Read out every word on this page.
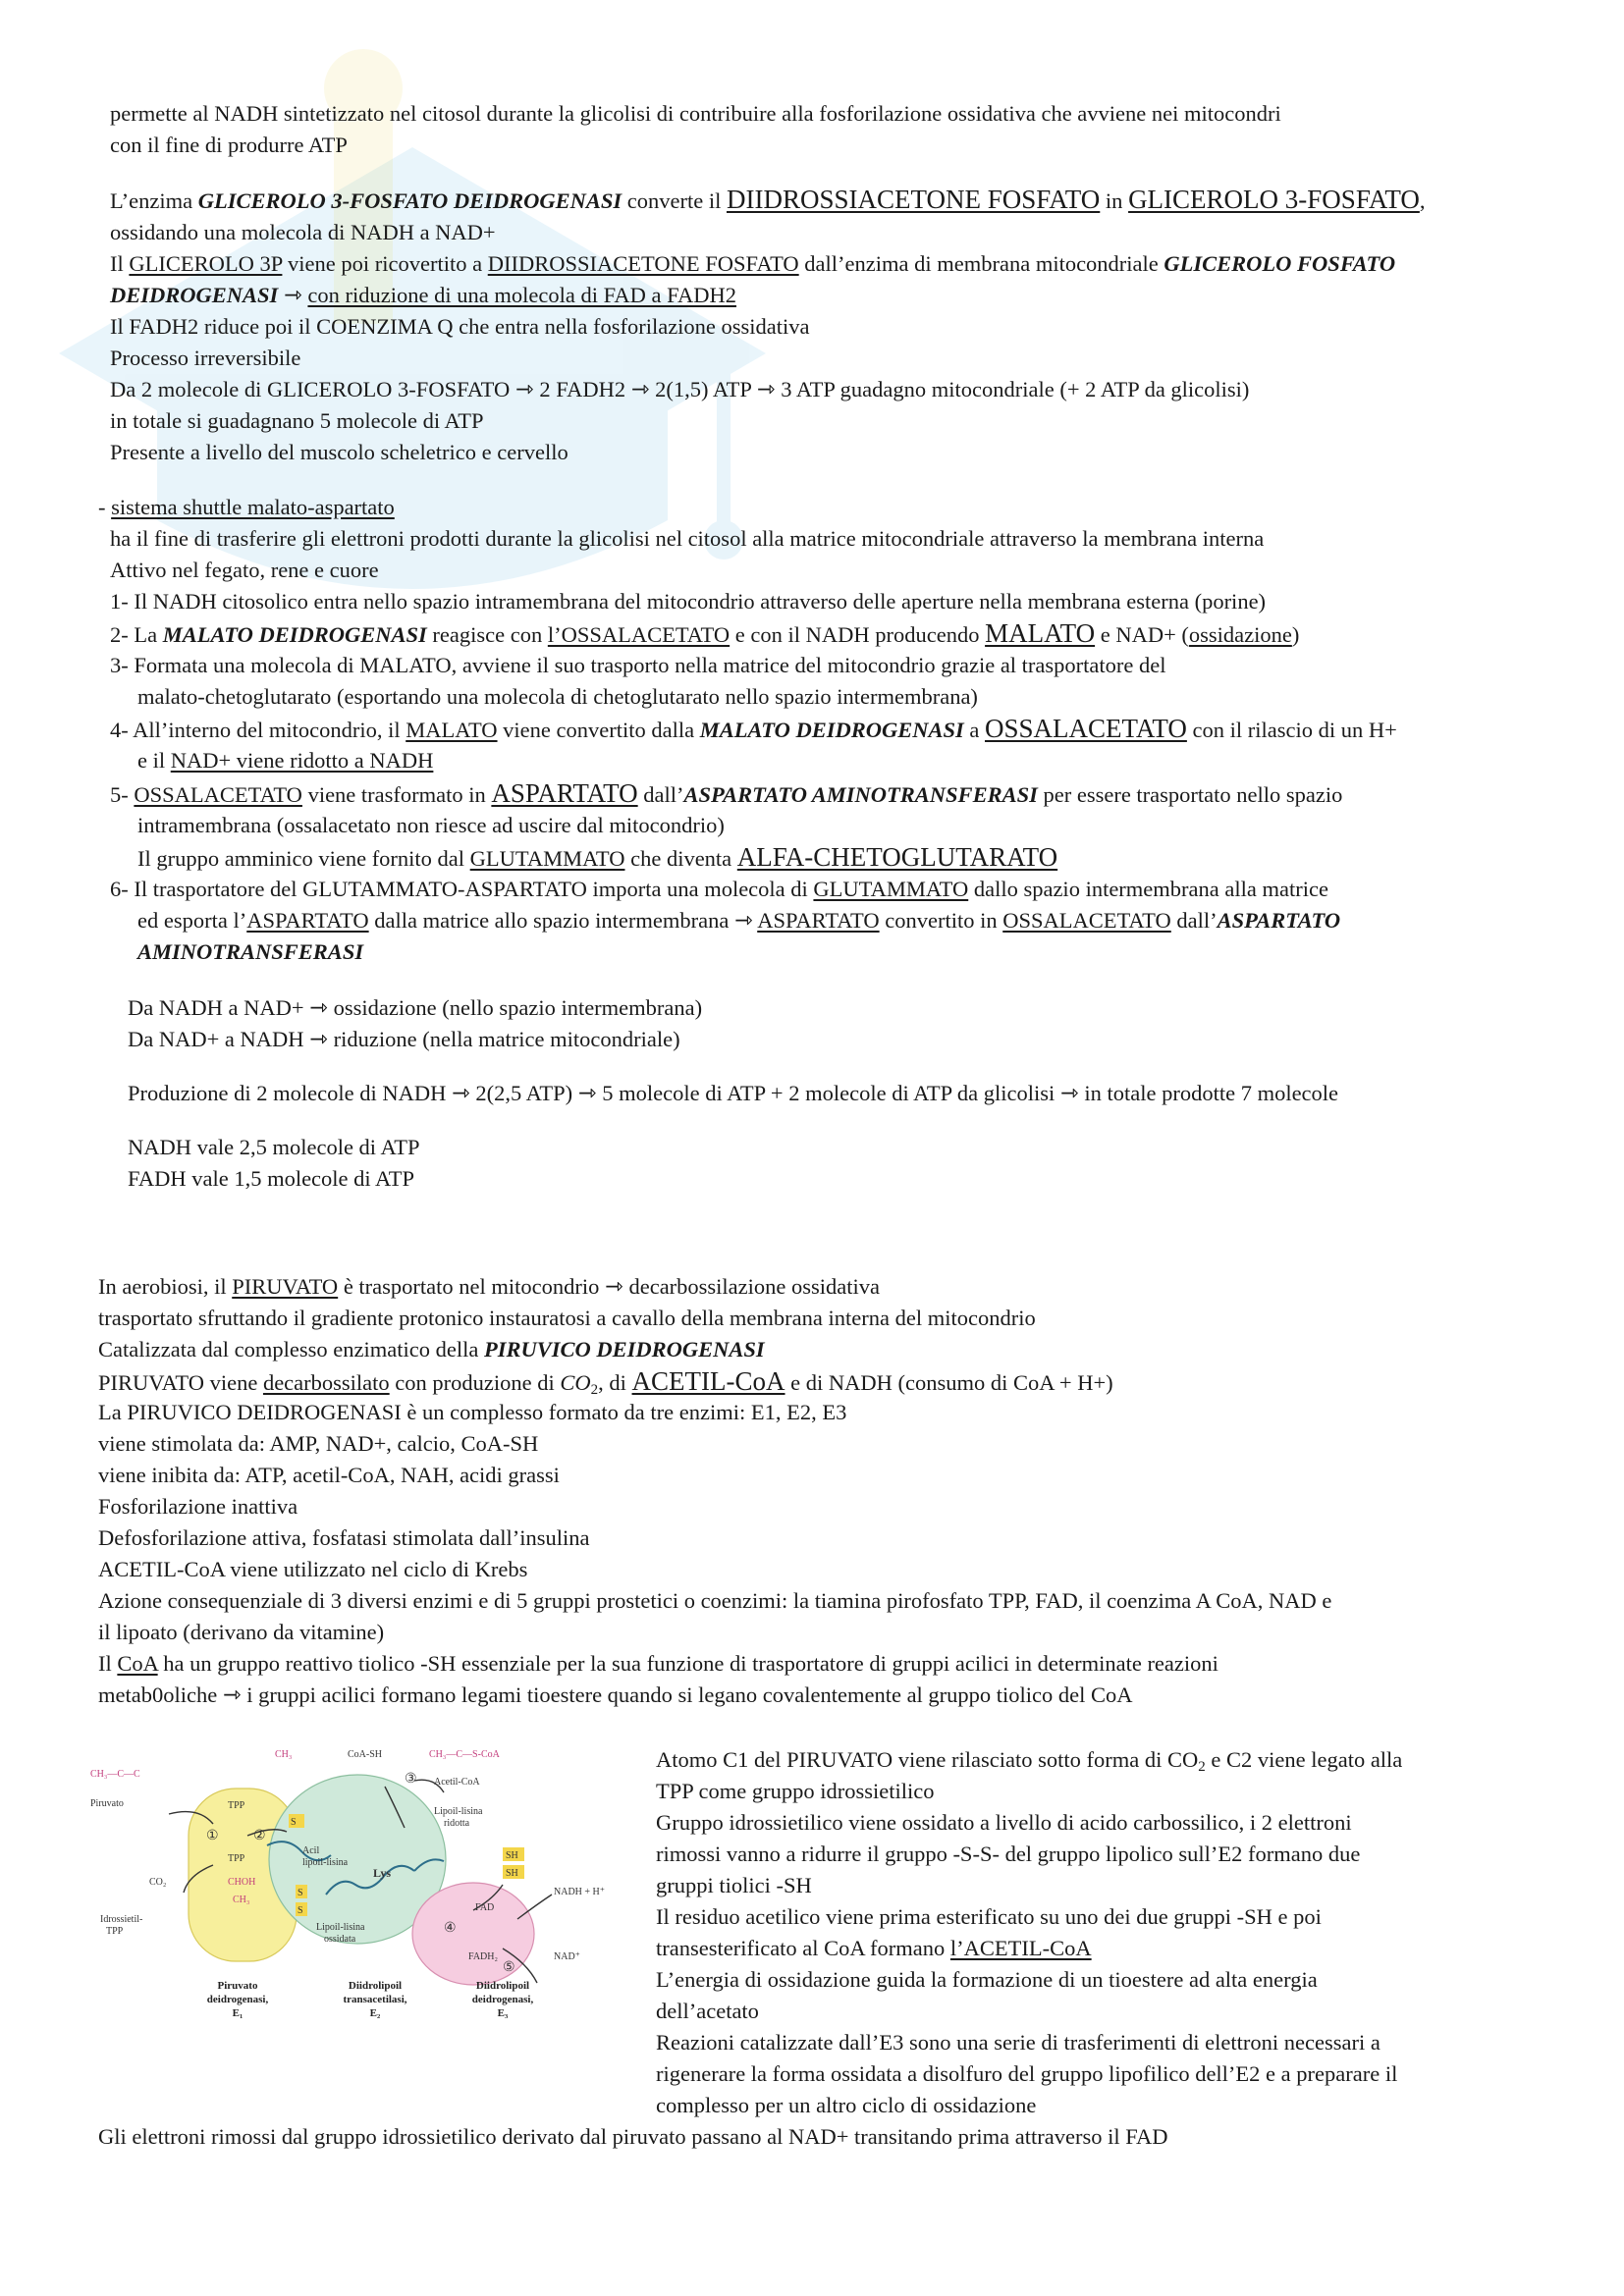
permette al NADH sintetizzato nel citosol durante la glicolisi di contribuire alla fosforilazione ossidativa che avviene nei mitocondri
con il fine di produrre ATP
L’enzima GLICEROLO 3-FOSFATO DEIDROGENASI converte il DIIDROSSIACETONE FOSFATO in GLICEROLO 3-FOSFATO,
ossidando una molecola di NADH a NAD+
Il GLICEROLO 3P viene poi ricovertito a DIIDROSSIACETONE FOSFATO dall’enzima di membrana mitocondriale GLICEROLO FOSFATO
DEIDROGENASI ⇾ con riduzione di una molecola di FAD a FADH2
Il FADH2 riduce poi il COENZIMA Q che entra nella fosforilazione ossidativa
Processo irreversibile
Da 2 molecole di GLICEROLO 3-FOSFATO ⇾ 2 FADH2 ⇾ 2(1,5) ATP ⇾ 3 ATP guadagno mitocondriale (+ 2 ATP da glicolisi)
in totale si guadagnano 5 molecole di ATP
Presente a livello del muscolo scheletrico e cervello
- sistema shuttle malato-aspartato
ha il fine di trasferire gli elettroni prodotti durante la glicolisi nel citosol alla matrice mitocondriale attraverso la membrana interna
Attivo nel fegato, rene e cuore
1- Il NADH citosolico entra nello spazio intramembrana del mitocondrio attraverso delle aperture nella membrana esterna (porine)
2- La MALATO DEIDROGENASI reagisce con l’OSSALACETATO e con il NADH producendo MALATO e NAD+ (ossidazione)
3- Formata una molecola di MALATO, avviene il suo trasporto nella matrice del mitocondrio grazie al trasportatore del
malato-chetoglutarato (esportando una molecola di chetoglutarato nello spazio intermembrana)
4- All’interno del mitocondrio, il MALATO viene convertito dalla MALATO DEIDROGENASI a OSSALACETATO con il rilascio di un H+
e il NAD+ viene ridotto a NADH
5- OSSALACETATO viene trasformato in ASPARTATO dall’ASPARTATO AMINOTRANSFERASI per essere trasportato nello spazio
intramembrana (ossalacetato non riesce ad uscire dal mitocondrio)
Il gruppo amminico viene fornito dal GLUTAMMATO che diventa ALFA-CHETOGLUTARATO
6- Il trasportatore del GLUTAMMATO-ASPARTATO importa una molecola di GLUTAMMATO dallo spazio intermembrana alla matrice
ed esporta l’ASPARTATO dalla matrice allo spazio intermembrana ⇾ ASPARTATO convertito in OSSALACETATO dall’ASPARTATO
AMINOTRANSFERASI
Da NADH a NAD+ ⇾ ossidazione (nello spazio intermembrana)
Da NAD+ a NADH ⇾ riduzione (nella matrice mitocondriale)
Produzione di 2 molecole di NADH ⇾ 2(2,5 ATP) ⇾ 5 molecole di ATP + 2 molecole di ATP da glicolisi ⇾ in totale prodotte 7 molecole
NADH vale 2,5 molecole di ATP
FADH vale 1,5 molecole di ATP
In aerobiosi, il PIRUVATO è trasportato nel mitocondrio ⇾ decarbossilazione ossidativa
trasportato sfruttando il gradiente protonico instauratosi a cavallo della membrana interna del mitocondrio
Catalizzata dal complesso enzimatico della PIRUVICO DEIDROGENASI
PIRUVATO viene decarbossilato con produzione di $CO_2$, di ACETIL-CoA e di NADH (consumo di CoA + H+)
La PIRUVICO DEIDROGENASI è un complesso formato da tre enzimi: E1, E2, E3
viene stimolata da: AMP, NAD+, calcio, CoA-SH
viene inibita da: ATP, acetil-CoA, NAH, acidi grassi
Fosforilazione inattiva
Defosforilazione attiva, fosfatasi stimolata dall’insulina
ACETIL-CoA viene utilizzato nel ciclo di Krebs
Azione consequenziale di 3 diversi enzimi e di 5 gruppi prostetici o coenzimi: la tiamina pirofosfato TPP, FAD, il coenzima A CoA, NAD e
il lipoato (derivano da vitamine)
Il CoA ha un gruppo reattivo tiolico -SH essenziale per la sua funzione di trasportatore di gruppi acilici in determinate reazioni
metab0oliche ⇾ i gruppi acilici formano legami tioestere quando si legano covalentemente al gruppo tiolico del CoA
Atomo C1 del PIRUVATO viene rilasciato sotto forma di $CO_2$ e C2 viene legato alla
TPP come gruppo idrossietilico
Gruppo idrossietilico viene ossidato a livello di acido carbossilico, i 2 elettroni
rimossi vanno a ridurre il gruppo -S-S- del gruppo lipolico sull’E2 formano due
gruppi tiolici -SH
Il residuo acetilico viene prima esterificato su uno dei due gruppi -SH e poi
transesterificato al CoA formano l’ACETIL-CoA
L’energia di ossidazione guida la formazione di un tioestere ad alta energia
dell’acetato
Reazioni catalizzate dall’E3 sono una serie di trasferimenti di elettroni necessari a
rigenerare la forma ossidata a disolfuro del gruppo lipofilico dell’E2 e a preparare il
complesso per un altro ciclo di ossidazione
Gli elettroni rimossi dal gruppo idrossietilico derivato dal piruvato passano al NAD+ transitando prima attraverso il FAD
CH₃—C—C
CH₃	CoA-SH	CH₃—C—S-CoA
Piruvato	TPP
TPP
CO₂	CHOH
CH₃
Idrossietil-
TPP
①	②
③
④
⑤
Acil
lipoil-lisina
Acetil-CoA
Lipoil-lisina
ridotta
Lys
SH
SH
S
S
S
Lipoil-lisina
ossidata
FAD
FADH₂
NADH + H⁺
NAD⁺
Piruvato
deidrogenasi,
E₁
Diidrolipoil
transacetilasi,
E₂
Diidrolipoil
deidrogenasi,
E₃
